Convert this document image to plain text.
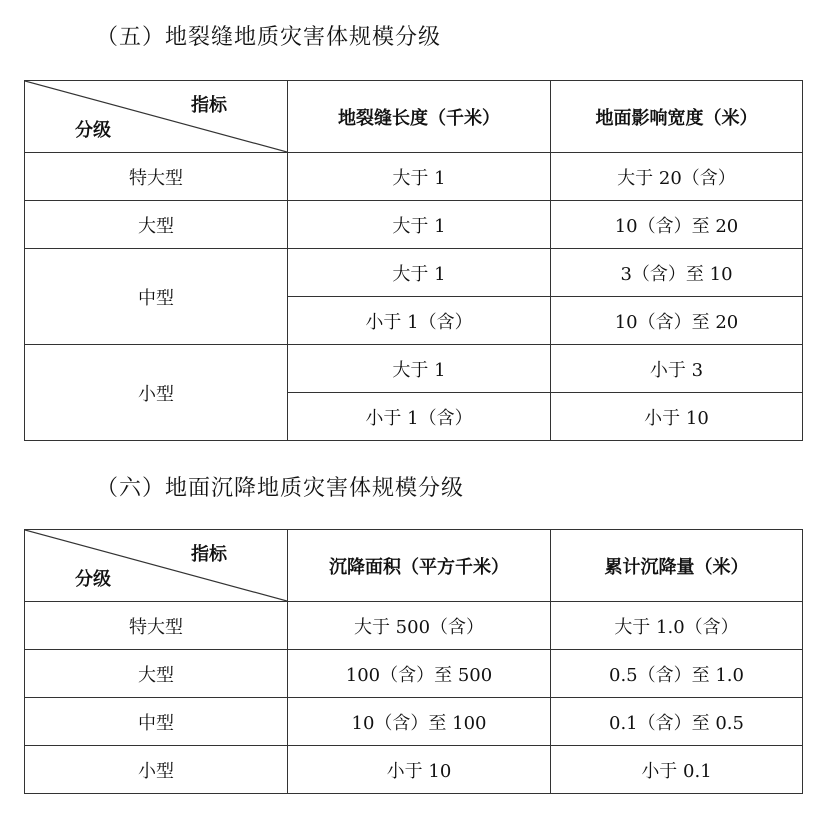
（五）地裂缝地质灾害体规模分级
指标
分级	地裂缝长度（千米）	地面影响宽度（米）
特大型	大于 1	大于 20（含）
大型	大于 1	10（含）至 20
中型	大于 1	3（含）至 10
	小于 1（含）	10（含）至 20
小型	大于 1	小于 3
	小于 1（含）	小于 10
（六）地面沉降地质灾害体规模分级
指标
分级	沉降面积（平方千米）	累计沉降量（米）
特大型	大于 500（含）	大于 1.0（含）
大型	100（含）至 500	0.5（含）至 1.0
中型	10（含）至 100	0.1（含）至 0.5
小型	小于 10	小于 0.1
